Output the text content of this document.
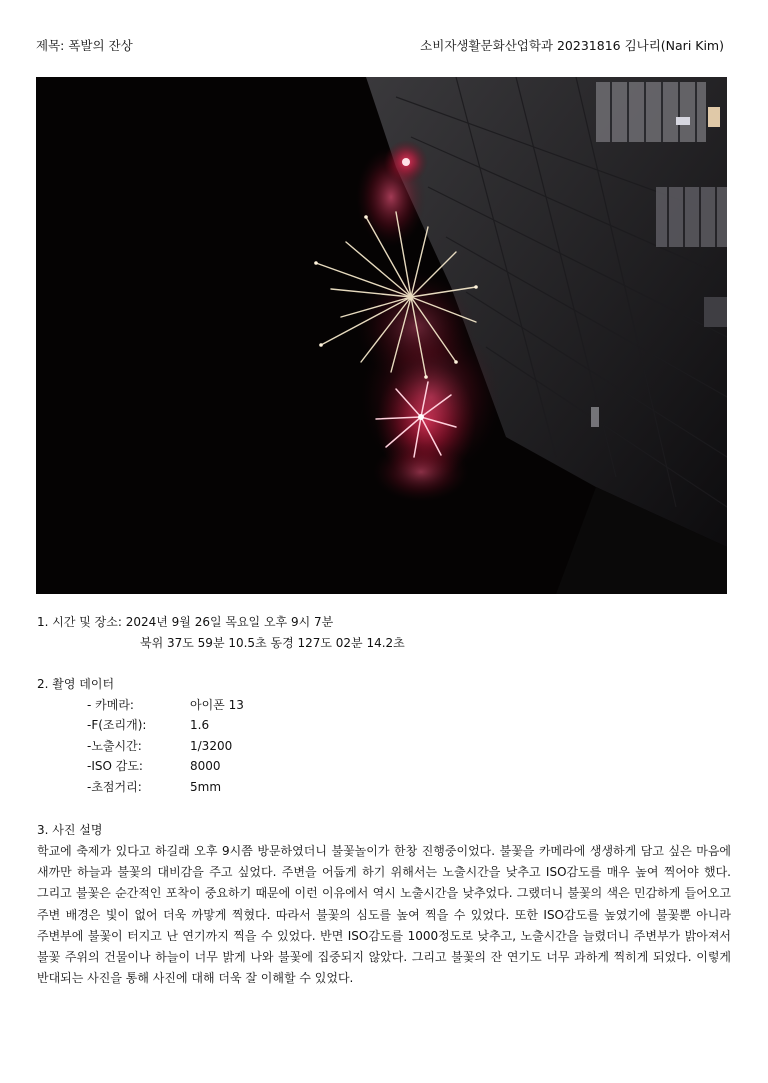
제목: 폭발의 잔상	소비자생활문화산업학과 20231816 김나리(Nari Kim)
1. 시간 및 장소: 2024년 9월 26일 목요일 오후 9시 7분
북위 37도 59분 10.5초 동경 127도 02분 14.2초
2. 촬영 데이터
- 카메라:	아이폰 13
-F(조리개):	1.6
-노출시간:	1/3200
-ISO 감도:	8000
-초점거리:	5mm
3. 사진 설명
학교에 축제가 있다고 하길래 오후 9시쯤 방문하였더니 불꽃놀이가 한창 진행중이었다. 불꽃을 카메라에 생생하게 담고 싶은 마음에 새까만 하늘과 불꽃의 대비감을 주고 싶었다. 주변을 어둡게 하기 위해서는 노출시간을 낮추고 ISO감도를 매우 높여 찍어야 했다. 그리고 불꽃은 순간적인 포착이 중요하기 때문에 이런 이유에서 역시 노출시간을 낮추었다. 그랬더니 불꽃의 색은 민감하게 들어오고 주변 배경은 빛이 없어 더욱 까맣게 찍혔다. 따라서 불꽃의 심도를 높여 찍을 수 있었다. 또한 ISO감도를 높였기에 불꽃뿐 아니라 주변부에 불꽃이 터지고 난 연기까지 찍을 수 있었다. 반면 ISO감도를 1000정도로 낮추고, 노출시간을 늘렸더니 주변부가 밝아져서 불꽃 주위의 건물이나 하늘이 너무 밝게 나와 불꽃에 집중되지 않았다. 그리고 불꽃의 잔 연기도 너무 과하게 찍히게 되었다. 이렇게 반대되는 사진을 통해 사진에 대해 더욱 잘 이해할 수 있었다.
